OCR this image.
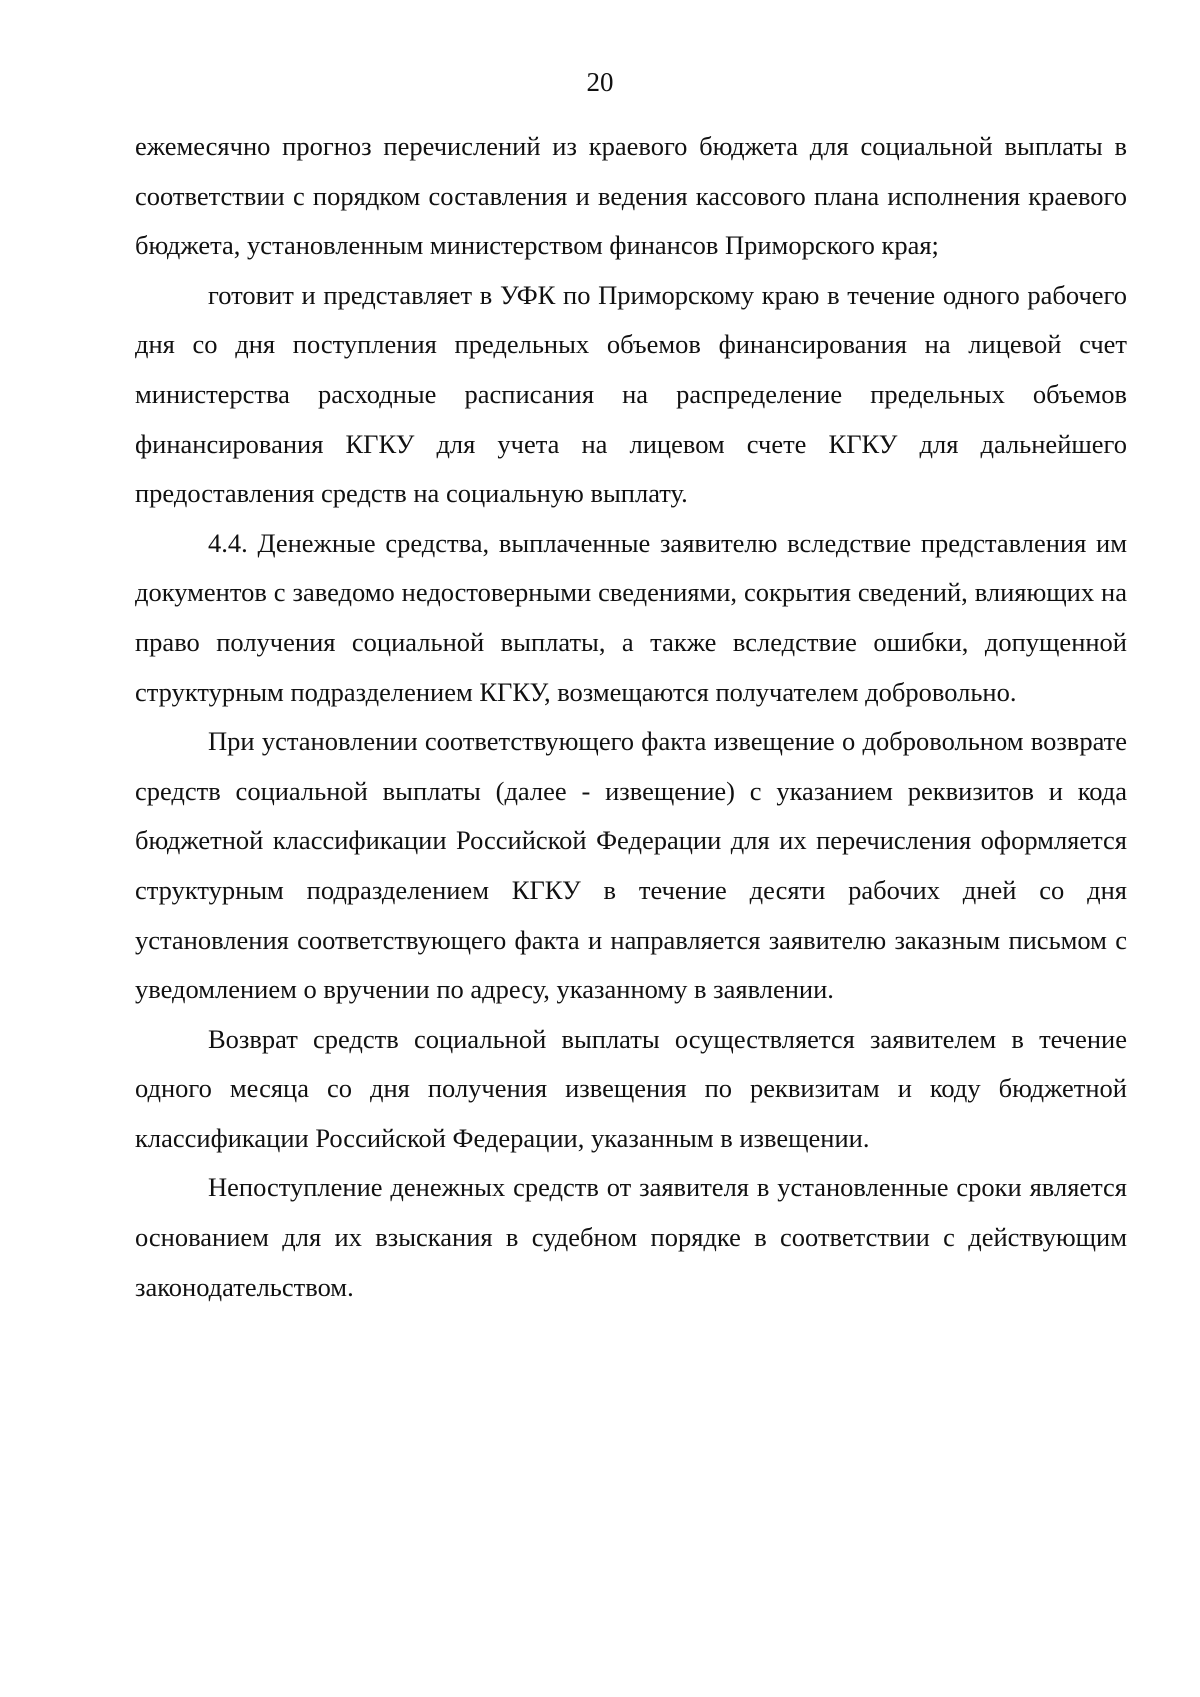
20

ежемесячно прогноз перечислений из краевого бюджета для социальной выплаты в соответствии с порядком составления и ведения кассового плана исполнения краевого бюджета, установленным министерством финансов Приморского края;

готовит и представляет в УФК по Приморскому краю в течение одного рабочего дня со дня поступления предельных объемов финансирования на лицевой счет министерства расходные расписания на распределение предельных объемов финансирования КГКУ для учета на лицевом счете КГКУ для дальнейшего предоставления средств на социальную выплату.

4.4. Денежные средства, выплаченные заявителю вследствие представления им документов с заведомо недостоверными сведениями, сокрытия сведений, влияющих на право получения социальной выплаты, а также вследствие ошибки, допущенной структурным подразделением КГКУ, возмещаются получателем добровольно.

При установлении соответствующего факта извещение о добровольном возврате средств социальной выплаты (далее - извещение) с указанием реквизитов и кода бюджетной классификации Российской Федерации для их перечисления оформляется структурным подразделением КГКУ в течение десяти рабочих дней со дня установления соответствующего факта и направляется заявителю заказным письмом с уведомлением о вручении по адресу, указанному в заявлении.

Возврат средств социальной выплаты осуществляется заявителем в течение одного месяца со дня получения извещения по реквизитам и коду бюджетной классификации Российской Федерации, указанным в извещении.

Непоступление денежных средств от заявителя в установленные сроки является основанием для их взыскания в судебном порядке в соответствии с действующим законодательством.
